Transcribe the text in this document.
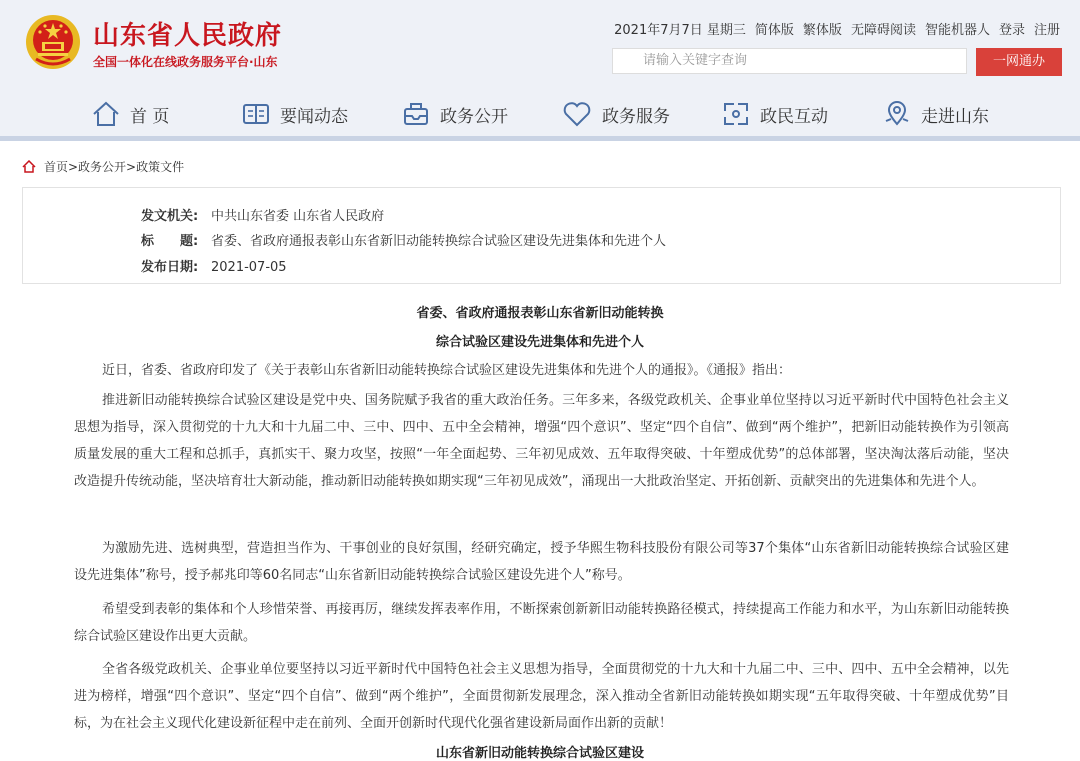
山东省人民政府
全国一体化在线政务服务平台·山东
2021年7月7日 星期三 简体版 繁体版 无障碍阅读 智能机器人 登录 注册
请输入关键字查询	一网通办
首 页	要闻动态	政务公开	政务服务	政民互动	走进山东
首页>政务公开>政策文件
发文机关: 中共山东省委 山东省人民政府
标　　题: 省委、省政府通报表彰山东省新旧动能转换综合试验区建设先进集体和先进个人
发布日期: 2021-07-05
省委、省政府通报表彰山东省新旧动能转换
综合试验区建设先进集体和先进个人
近日，省委、省政府印发了《关于表彰山东省新旧动能转换综合试验区建设先进集体和先进个人的通报》。《通报》指出：
推进新旧动能转换综合试验区建设是党中央、国务院赋予我省的重大政治任务。三年多来，各级党政机关、企事业单位坚持以习近平新时代中国特色社会主义思想为指导，深入贯彻党的十九大和十九届二中、三中、四中、五中全会精神，增强“四个意识”、坚定“四个自信”、做到“两个维护”，把新旧动能转换作为引领高质量发展的重大工程和总抓手，真抓实干、聚力攻坚，按照“一年全面起势、三年初见成效、五年取得突破、十年塑成优势”的总体部署，坚决淘汰落后动能，坚决改造提升传统动能，坚决培育壮大新动能，推动新旧动能转换如期实现“三年初见成效”，涌现出一大批政治坚定、开拓创新、贡献突出的先进集体和先进个人。
为激励先进、选树典型，营造担当作为、干事创业的良好氛围，经研究确定，授予华熙生物科技股份有限公司等37个集体“山东省新旧动能转换综合试验区建设先进集体”称号，授予郝兆印等60名同志“山东省新旧动能转换综合试验区建设先进个人”称号。
希望受到表彰的集体和个人珍惜荣誉、再接再厉，继续发挥表率作用，不断探索创新新旧动能转换路径模式，持续提高工作能力和水平，为山东新旧动能转换综合试验区建设作出更大贡献。
全省各级党政机关、企事业单位要坚持以习近平新时代中国特色社会主义思想为指导，全面贯彻党的十九大和十九届二中、三中、四中、五中全会精神，以先进为榜样，增强“四个意识”、坚定“四个自信”、做到“两个维护”，全面贯彻新发展理念，深入推动全省新旧动能转换如期实现“五年取得突破、十年塑成优势”目标，为在社会主义现代化建设新征程中走在前列、全面开创新时代现代化强省建设新局面作出新的贡献！
山东省新旧动能转换综合试验区建设
